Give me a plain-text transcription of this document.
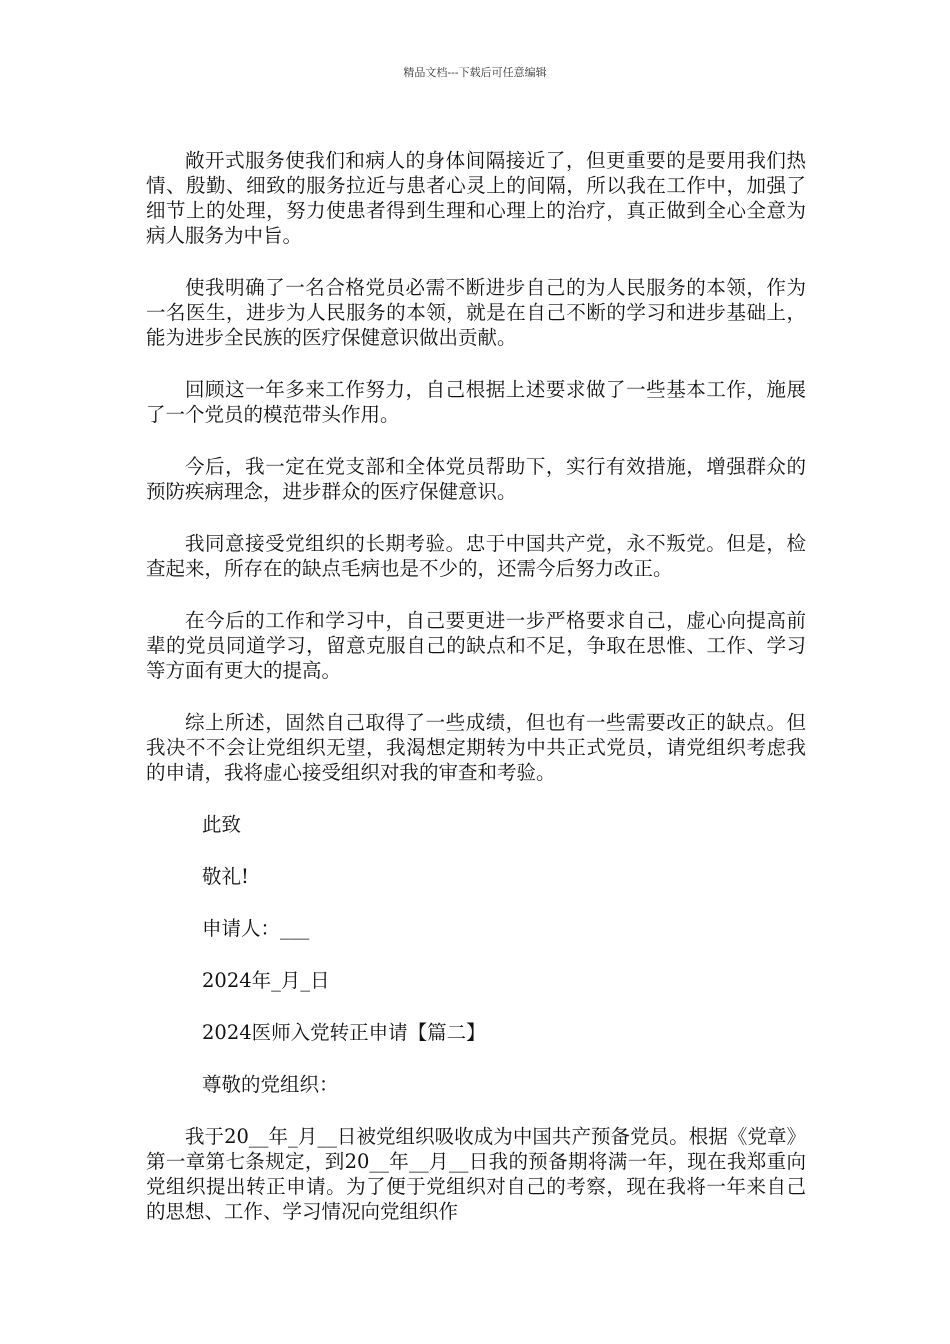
精品文档---下载后可任意编辑

敞开式服务使我们和病人的身体间隔接近了，但更重要的是要用我们热情、殷勤、细致的服务拉近与患者心灵上的间隔，所以我在工作中，加强了细节上的处理，努力使患者得到生理和心理上的治疗，真正做到全心全意为病人服务为中旨。

使我明确了一名合格党员必需不断进步自己的为人民服务的本领，作为一名医生，进步为人民服务的本领，就是在自己不断的学习和进步基础上，能为进步全民族的医疗保健意识做出贡献。

回顾这一年多来工作努力，自己根据上述要求做了一些基本工作，施展了一个党员的模范带头作用。

今后，我一定在党支部和全体党员帮助下，实行有效措施，增强群众的预防疾病理念，进步群众的医疗保健意识。

我同意接受党组织的长期考验。忠于中国共产党，永不叛党。但是，检查起来，所存在的缺点毛病也是不少的，还需今后努力改正。

在今后的工作和学习中，自己要更进一步严格要求自己，虚心向提高前辈的党员同道学习，留意克服自己的缺点和不足，争取在思惟、工作、学习等方面有更大的提高。

综上所述，固然自己取得了一些成绩，但也有一些需要改正的缺点。但我决不不会让党组织无望，我渴想定期转为中共正式党员，请党组织考虑我的申请，我将虚心接受组织对我的审查和考验。

此致

敬礼!

申请人：___

2024年_月_日

2024医师入党转正申请【篇二】

尊敬的党组织：

我于20__年_月__日被党组织吸收成为中国共产预备党员。根据《党章》第一章第七条规定，到20__年__月__日我的预备期将满一年，现在我郑重向党组织提出转正申请。为了便于党组织对自己的考察，现在我将一年来自己的思想、工作、学习情况向党组织作
